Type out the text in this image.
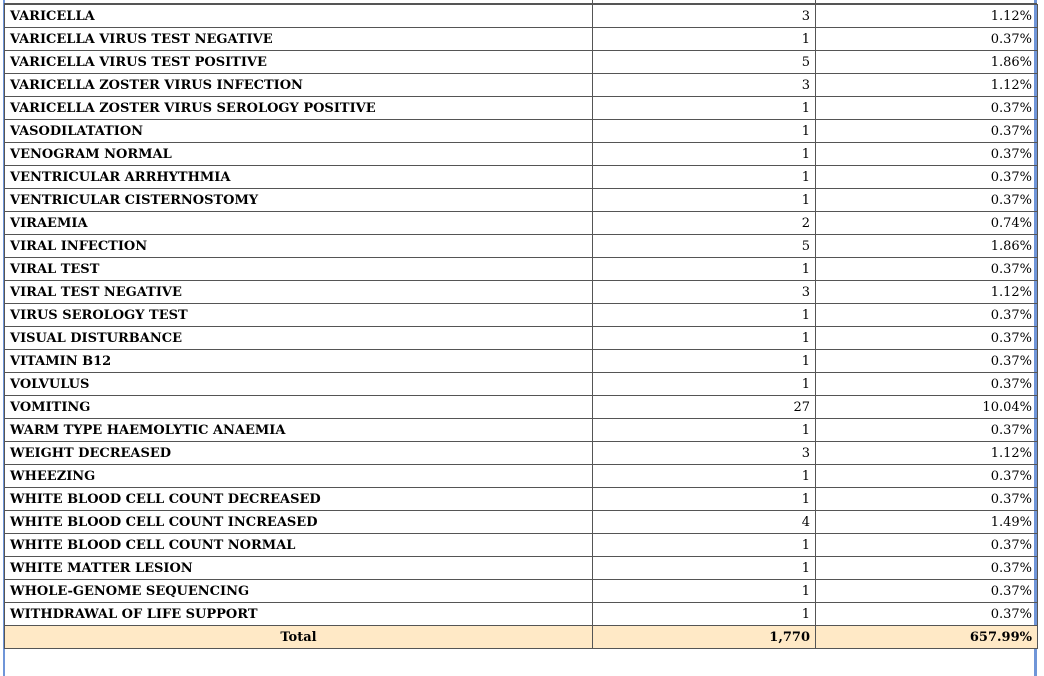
VARICELLA	3	1.12%
VARICELLA VIRUS TEST NEGATIVE	1	0.37%
VARICELLA VIRUS TEST POSITIVE	5	1.86%
VARICELLA ZOSTER VIRUS INFECTION	3	1.12%
VARICELLA ZOSTER VIRUS SEROLOGY POSITIVE	1	0.37%
VASODILATATION	1	0.37%
VENOGRAM NORMAL	1	0.37%
VENTRICULAR ARRHYTHMIA	1	0.37%
VENTRICULAR CISTERNOSTOMY	1	0.37%
VIRAEMIA	2	0.74%
VIRAL INFECTION	5	1.86%
VIRAL TEST	1	0.37%
VIRAL TEST NEGATIVE	3	1.12%
VIRUS SEROLOGY TEST	1	0.37%
VISUAL DISTURBANCE	1	0.37%
VITAMIN B12	1	0.37%
VOLVULUS	1	0.37%
VOMITING	27	10.04%
WARM TYPE HAEMOLYTIC ANAEMIA	1	0.37%
WEIGHT DECREASED	3	1.12%
WHEEZING	1	0.37%
WHITE BLOOD CELL COUNT DECREASED	1	0.37%
WHITE BLOOD CELL COUNT INCREASED	4	1.49%
WHITE BLOOD CELL COUNT NORMAL	1	0.37%
WHITE MATTER LESION	1	0.37%
WHOLE-GENOME SEQUENCING	1	0.37%
WITHDRAWAL OF LIFE SUPPORT	1	0.37%
Total	1,770	657.99%
